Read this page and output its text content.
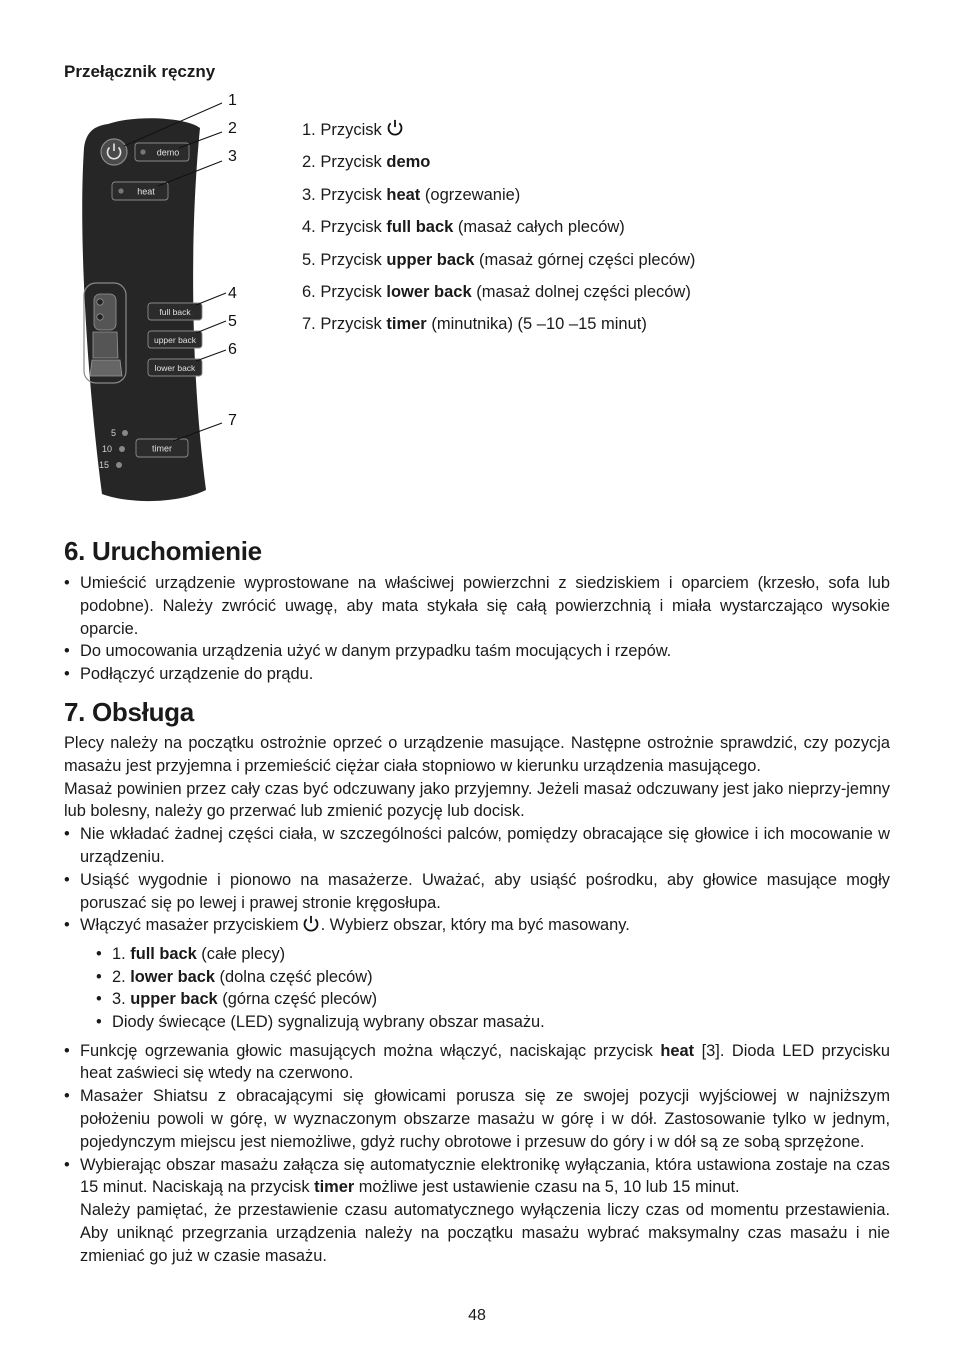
Przełącznik ręczny
demo
heat
full back
upper back
lower back
5
10
15
timer
1
2
3
4
5
6
7
1. Przycisk
2. Przycisk demo
3. Przycisk heat (ogrzewanie)
4. Przycisk full back (masaż całych pleców)
5. Przycisk upper back (masaż górnej części pleców)
6. Przycisk lower back (masaż dolnej części pleców)
7. Przycisk timer (minutnika) (5 –10 –15 minut)
6. Uruchomienie
• Umieścić urządzenie wyprostowane na właściwej powierzchni z siedziskiem i oparciem (krzesło, sofa lub podobne). Należy zwrócić uwagę, aby mata stykała się całą powierzchnią i miała wystarczająco wysokie oparcie.
• Do umocowania urządzenia użyć w danym przypadku taśm mocujących i rzepów.
• Podłączyć urządzenie do prądu.
7. Obsługa

Plecy należy na początku ostrożnie oprzeć o urządzenie masujące. Następne ostrożnie sprawdzić, czy pozycja masażu jest przyjemna i przemieścić ciężar ciała stopniowo w kierunku urządzenia masującego.

Masaż powinien przez cały czas być odczuwany jako przyjemny. Jeżeli masaż odczuwany jest jako nieprzy-jemny lub bolesny, należy go przerwać lub zmienić pozycję lub docisk.

• Nie wkładać żadnej części ciała, w szczególności palców, pomiędzy obracające się głowice i ich mocowanie w urządzeniu.
• Usiąść wygodnie i pionowo na masażerze. Uważać, aby usiąść pośrodku, aby głowice masujące mogły poruszać się po lewej i prawej stronie kręgosłupa.
• Włączyć masażer przyciskiem . Wybierz obszar, który ma być masowany.
• 1. full back (całe plecy)
• 2. lower back (dolna część pleców)
• 3. upper back (górna część pleców)
• Diody świecące (LED) sygnalizują wybrany obszar masażu.
• Funkcję ogrzewania głowic masujących można włączyć, naciskając przycisk heat [3]. Dioda LED przycisku heat zaświeci się wtedy na czerwono.
• Masażer Shiatsu z obracającymi się głowicami porusza się ze swojej pozycji wyjściowej w najniższym położeniu powoli w górę, w wyznaczonym obszarze masażu w górę i w dół. Zastosowanie tylko w jednym, pojedynczym miejscu jest niemożliwe, gdyż ruchy obrotowe i przesuw do góry i w dół są ze sobą sprzężone.
• Wybierając obszar masażu załącza się automatycznie elektronikę wyłączania, która ustawiona zostaje na czas 15 minut. Naciskają na przycisk timer możliwe jest ustawienie czasu na 5, 10 lub 15 minut.
Należy pamiętać, że przestawienie czasu automatycznego wyłączenia liczy czas od momentu przestawienia. Aby uniknąć przegrzania urządzenia należy na początku masażu wybrać maksymalny czas masażu i nie zmieniać go już w czasie masażu.
48
